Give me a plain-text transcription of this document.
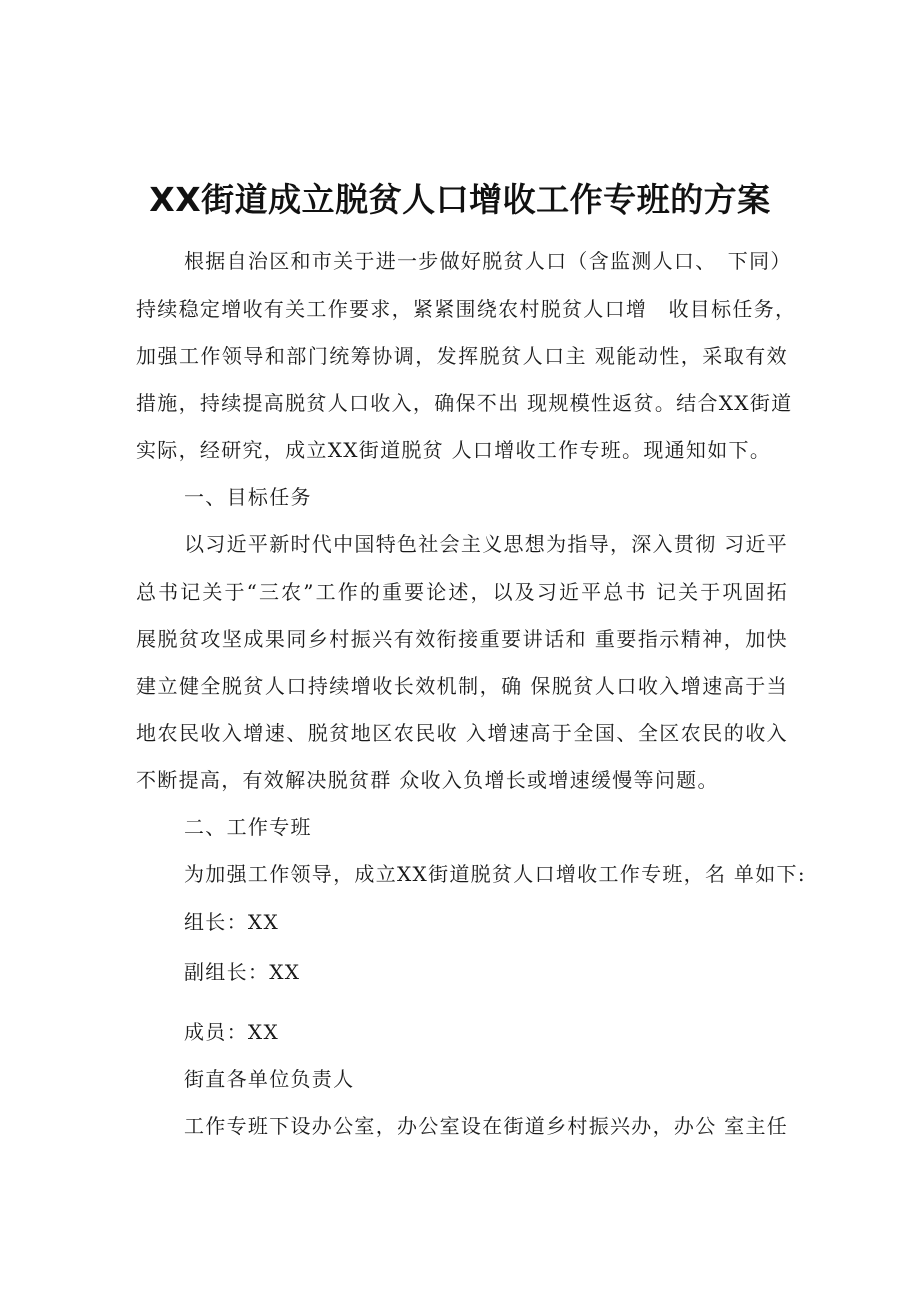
XX街道成立脱贫人口增收工作专班的方案
根据自治区和市关于进一步做好脱贫人口（含监测人口、　下同）
持续稳定增收有关工作要求，紧紧围绕农村脱贫人口增　收目标任务，
加强工作领导和部门统筹协调，发挥脱贫人口主 观能动性，采取有效
措施，持续提高脱贫人口收入，确保不出 现规模性返贫。结合XX街道
实际，经研究，成立XX街道脱贫 人口增收工作专班。现通知如下。
一、目标任务
以习近平新时代中国特色社会主义思想为指导，深入贯彻 习近平
总书记关于“三农”工作的重要论述，以及习近平总书 记关于巩固拓
展脱贫攻坚成果同乡村振兴有效衔接重要讲话和 重要指示精神，加快
建立健全脱贫人口持续增收长效机制，确 保脱贫人口收入增速高于当
地农民收入增速、脱贫地区农民收 入增速高于全国、全区农民的收入
不断提高，有效解决脱贫群 众收入负增长或增速缓慢等问题。
二、工作专班
为加强工作领导，成立XX街道脱贫人口增收工作专班，名 单如下:
组长：XX
副组长：XX
成员：XX
街直各单位负责人
工作专班下设办公室，办公室设在街道乡村振兴办，办公 室主任
